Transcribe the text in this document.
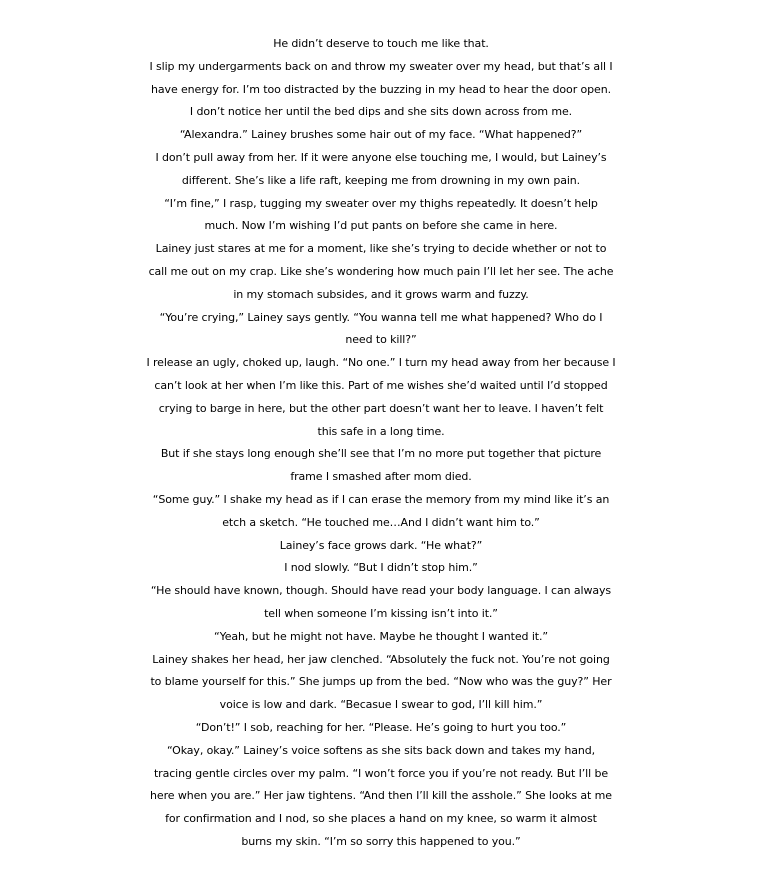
He didn’t deserve to touch me like that.
I slip my undergarments back on and throw my sweater over my head, but that’s all I
have energy for. I’m too distracted by the buzzing in my head to hear the door open.
I don’t notice her until the bed dips and she sits down across from me.
“Alexandra.” Lainey brushes some hair out of my face. “What happened?”
I don’t pull away from her. If it were anyone else touching me, I would, but Lainey’s
different. She’s like a life raft, keeping me from drowning in my own pain.
“I’m fine,” I rasp, tugging my sweater over my thighs repeatedly. It doesn’t help
much. Now I’m wishing I’d put pants on before she came in here.
Lainey just stares at me for a moment, like she’s trying to decide whether or not to
call me out on my crap. Like she’s wondering how much pain I’ll let her see. The ache
in my stomach subsides, and it grows warm and fuzzy.
“You’re crying,” Lainey says gently. “You wanna tell me what happened? Who do I
need to kill?”
I release an ugly, choked up, laugh. “No one.” I turn my head away from her because I
can’t look at her when I’m like this. Part of me wishes she’d waited until I’d stopped
crying to barge in here, but the other part doesn’t want her to leave. I haven’t felt
this safe in a long time.
But if she stays long enough she’ll see that I’m no more put together that picture
frame I smashed after mom died.
“Some guy.” I shake my head as if I can erase the memory from my mind like it’s an
etch a sketch. “He touched me…And I didn’t want him to.”
Lainey’s face grows dark. “He what?”
I nod slowly. “But I didn’t stop him.”
“He should have known, though. Should have read your body language. I can always
tell when someone I’m kissing isn’t into it.”
“Yeah, but he might not have. Maybe he thought I wanted it.”
Lainey shakes her head, her jaw clenched. “Absolutely the fuck not. You’re not going
to blame yourself for this.” She jumps up from the bed. “Now who was the guy?” Her
voice is low and dark. “Becasue I swear to god, I’ll kill him.”
“Don’t!” I sob, reaching for her. “Please. He’s going to hurt you too.”
“Okay, okay.” Lainey’s voice softens as she sits back down and takes my hand,
tracing gentle circles over my palm. “I won’t force you if you’re not ready. But I’ll be
here when you are.” Her jaw tightens. “And then I’ll kill the asshole.” She looks at me
for confirmation and I nod, so she places a hand on my knee, so warm it almost
burns my skin. “I’m so sorry this happened to you.”
